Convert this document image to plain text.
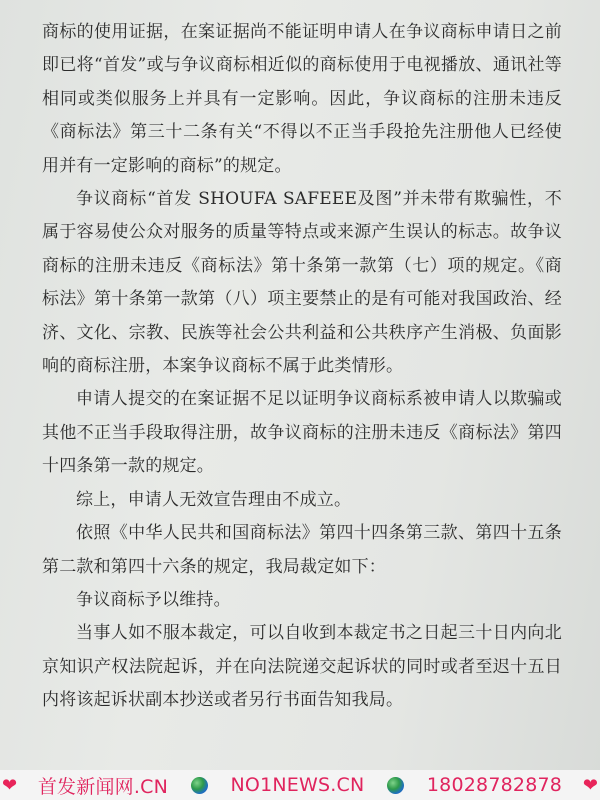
商标的使用证据，在案证据尚不能证明申请人在争议商标申请日之前即已将“首发”或与争议商标相近似的商标使用于电视播放、通讯社等相同或类似服务上并具有一定影响。因此，争议商标的注册未违反《商标法》第三十二条有关“不得以不正当手段抢先注册他人已经使用并有一定影响的商标”的规定。

争议商标“首发 SHOUFA SAFEEE及图”并未带有欺骗性，不属于容易使公众对服务的质量等特点或来源产生误认的标志。故争议商标的注册未违反《商标法》第十条第一款第（七）项的规定。《商标法》第十条第一款第（八）项主要禁止的是有可能对我国政治、经济、文化、宗教、民族等社会公共利益和公共秩序产生消极、负面影响的商标注册，本案争议商标不属于此类情形。

申请人提交的在案证据不足以证明争议商标系被申请人以欺骗或其他不正当手段取得注册，故争议商标的注册未违反《商标法》第四十四条第一款的规定。

综上，申请人无效宣告理由不成立。

依照《中华人民共和国商标法》第四十四条第三款、第四十五条第二款和第四十六条的规定，我局裁定如下：

争议商标予以维持。

当事人如不服本裁定，可以自收到本裁定书之日起三十日内向北京知识产权法院起诉，并在向法院递交起诉状的同时或者至迟十五日内将该起诉状副本抄送或者另行书面告知我局。

❤ 首发新闻网.CN	NO1NEWS.CN	18028782878 ❤
